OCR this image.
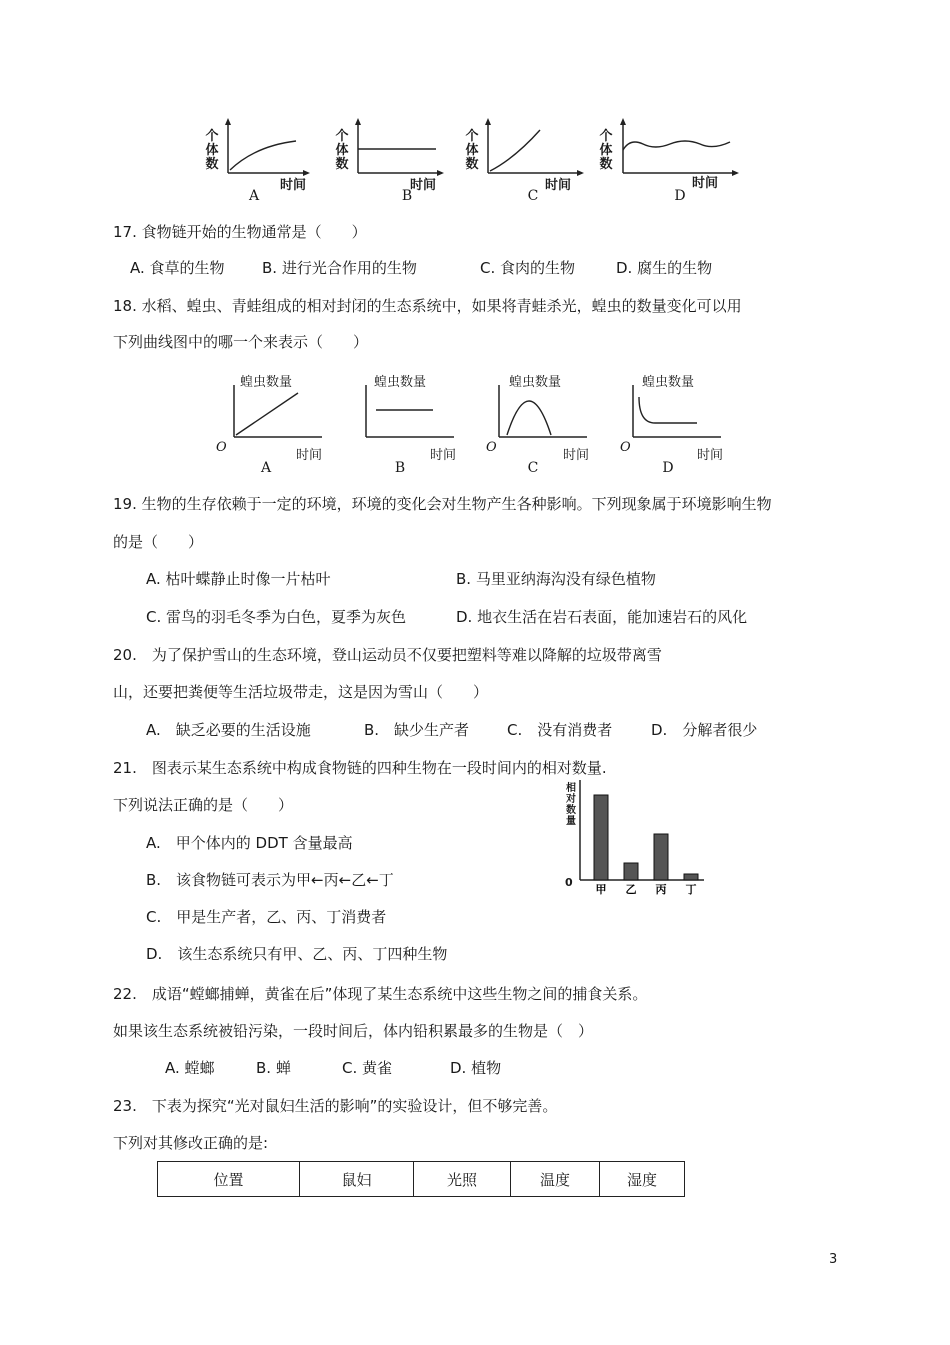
个体数
时间
A
个体数
时间
B
个体数
时间
C
个体数
时间
D
17. 食物链开始的生物通常是（　　）
A. 食草的生物 B. 进行光合作用的生物	C. 食肉的生物	D. 腐生的生物
18. 水稻、蝗虫、青蛙组成的相对封闭的生态系统中，如果将青蛙杀光，蝗虫的数量变化可以用
下列曲线图中的哪一个来表示（　　）
蝗虫数量
O
时间
A
蝗虫数量
时间
B
蝗虫数量
O
时间
C
蝗虫数量
O
时间
D
19. 生物的生存依赖于一定的环境，环境的变化会对生物产生各种影响。下列现象属于环境影响生物
的是（　　）
A. 枯叶蝶静止时像一片枯叶	B. 马里亚纳海沟没有绿色植物
C. 雷鸟的羽毛冬季为白色，夏季为灰色	D. 地衣生活在岩石表面，能加速岩石的风化
20.　为了保护雪山的生态环境，登山运动员不仅要把塑料等难以降解的垃圾带离雪
山，还要把粪便等生活垃圾带走，这是因为雪山（　　）
A.　缺乏必要的生活设施	B.　缺少生产者	C.　没有消费者	D.　分解者很少
21.　图表示某生态系统中构成食物链的四种生物在一段时间内的相对数量.
下列说法正确的是（　　）
A.　甲个体内的 DDT 含量最高
B.　该食物链可表示为甲←丙←乙←丁
C.　甲是生产者，乙、丙、丁消费者
D.　该生态系统只有甲、乙、丙、丁四种生物
相对数量
0
甲 乙 丙 丁
22.　成语“螳螂捕蝉，黄雀在后”体现了某生态系统中这些生物之间的捕食关系。
如果该生态系统被铅污染，一段时间后，体内铅积累最多的生物是（　）
A. 螳螂	B. 蝉	C. 黄雀	D. 植物
23.　下表为探究“光对鼠妇生活的影响”的实验设计，但不够完善。
下列对其修改正确的是:
位置	鼠妇	光照	温度	湿度
3
